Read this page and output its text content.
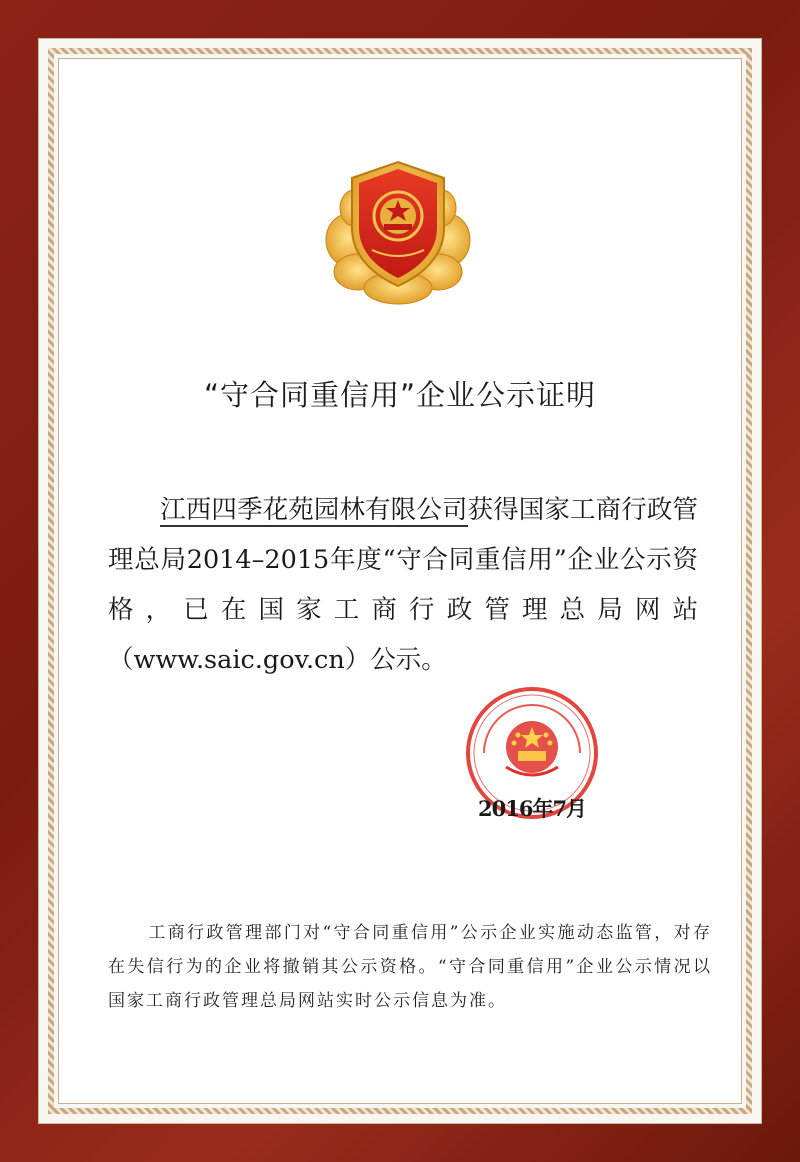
“守合同重信用”企业公示证明
江西四季花苑园林有限公司获得国家工商行政管理总局2014–2015年度“守合同重信用”企业公示资格，已在国家工商行政管理总局网站（www.saic.gov.cn）公示。
2016年7月
工商行政管理部门对“守合同重信用”公示企业实施动态监管，对存在失信行为的企业将撤销其公示资格。“守合同重信用”企业公示情况以国家工商行政管理总局网站实时公示信息为准。
